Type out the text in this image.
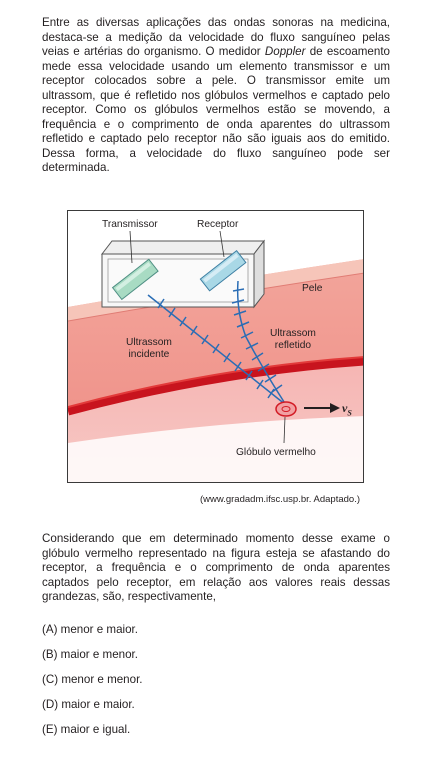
Entre as diversas aplicações das ondas sonoras na medicina, destaca-se a medição da velocidade do fluxo sanguíneo pelas veias e artérias do organismo. O medidor Doppler de escoamento mede essa velocidade usando um elemento transmissor e um receptor colocados sobre a pele. O transmissor emite um ultrassom, que é refletido nos glóbulos vermelhos e captado pelo receptor. Como os glóbulos vermelhos estão se movendo, a frequência e o comprimento de onda aparentes do ultrassom refletido e captado pelo receptor não são iguais aos do emitido. Dessa forma, a velocidade do fluxo sanguíneo pode ser determinada.
Transmissor	Receptor
Pele
Ultrassom
incidente
Ultrassom
refletido
Glóbulo vermelho
$v_S$
(www.gradadm.ifsc.usp.br. Adaptado.)
Considerando que em determinado momento desse exame o glóbulo vermelho representado na figura esteja se afastando do receptor, a frequência e o comprimento de onda aparentes captados pelo receptor, em relação aos valores reais dessas grandezas, são, respectivamente,
(A) menor e maior.
(B) maior e menor.
(C) menor e menor.
(D) maior e maior.
(E) maior e igual.
